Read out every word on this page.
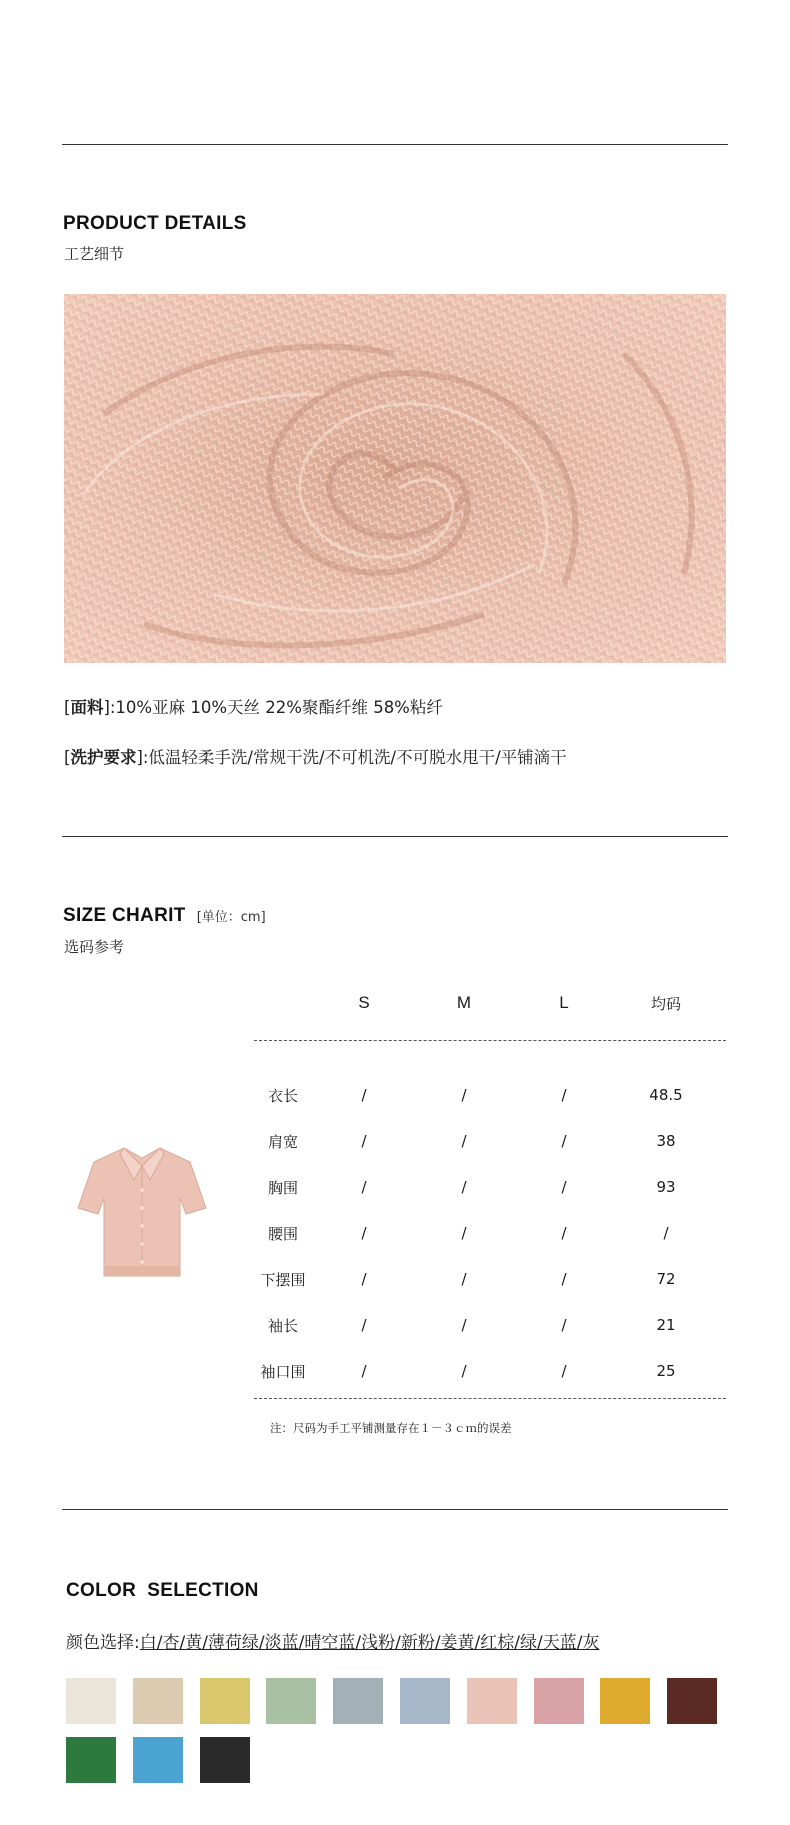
PRODUCT DETAILS
工艺细节
[面料]:10%亚麻 10%天丝 22%聚酯纤维 58%粘纤
[洗护要求]:低温轻柔手洗/常规干洗/不可机洗/不可脱水甩干/平铺滴干
SIZE CHARIT [单位：cm]
选码参考
	S	M	L	均码

衣长	/	/	/	48.5
肩宽	/	/	/	38
胸围	/	/	/	93
腰围	/	/	/	/
下摆围	/	/	/	72
袖长	/	/	/	21
袖口围	/	/	/	25
注：尺码为手工平铺测量存在１－３ｃｍ的误差
COLOR  SELECTION
颜色选择:白/杏/黄/薄荷绿/淡蓝/晴空蓝/浅粉/新粉/姜黄/红棕/绿/天蓝/灰
